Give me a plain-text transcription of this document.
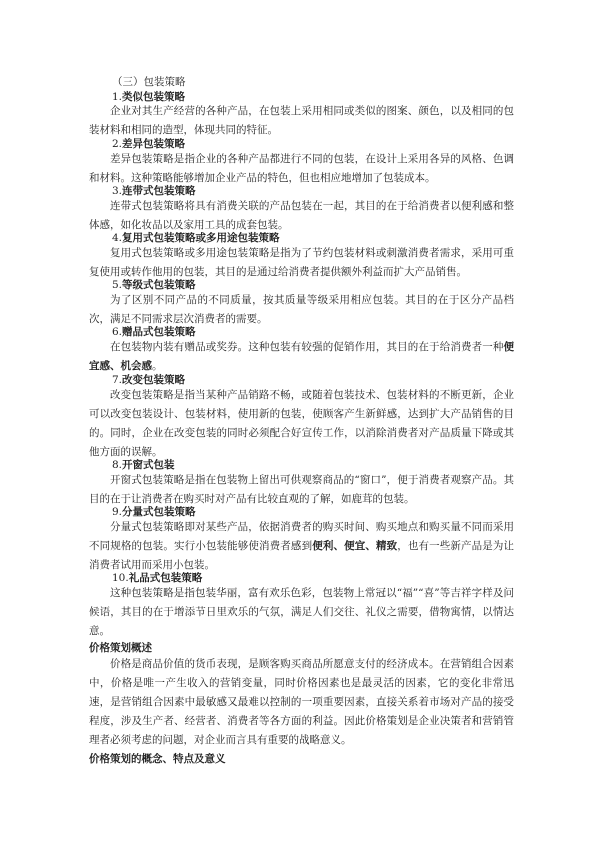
（三）包装策略
1.类似包装策略
企业对其生产经营的各种产品，在包装上采用相同或类似的图案、颜色，以及相同的包装材料和相同的造型，体现共同的特征。
2.差异包装策略
差异包装策略是指企业的各种产品都进行不同的包装，在设计上采用各异的风格、色调和材料。这种策略能够增加企业产品的特色，但也相应地增加了包装成本。
3.连带式包装策略
连带式包装策略将具有消费关联的产品包装在一起，其目的在于给消费者以便利感和整体感，如化妆品以及家用工具的成套包装。
4.复用式包装策略或多用途包装策略
复用式包装策略或多用途包装策略是指为了节约包装材料或刺激消费者需求，采用可重复使用或转作他用的包装，其目的是通过给消费者提供额外利益而扩大产品销售。
5.等级式包装策略
为了区别不同产品的不同质量，按其质量等级采用相应包装。其目的在于区分产品档次，满足不同需求层次消费者的需要。
6.赠品式包装策略
在包装物内装有赠品或奖券。这种包装有较强的促销作用，其目的在于给消费者一种便宜感、机会感。
7.改变包装策略
改变包装策略是指当某种产品销路不畅，或随着包装技术、包装材料的不断更新，企业可以改变包装设计、包装材料，使用新的包装，使顾客产生新鲜感，达到扩大产品销售的目的。同时，企业在改变包装的同时必须配合好宣传工作，以消除消费者对产品质量下降或其他方面的误解。
8.开窗式包装
开窗式包装策略是指在包装物上留出可供观察商品的“窗口”，便于消费者观察产品。其目的在于让消费者在购买时对产品有比较直观的了解，如鹿茸的包装。
9.分量式包装策略
分量式包装策略即对某些产品，依据消费者的购买时间、购买地点和购买量不同而采用不同规格的包装。实行小包装能够使消费者感到便利、便宜、精致，也有一些新产品是为让消费者试用而采用小包装。
10.礼品式包装策略
这种包装策略是指包装华丽，富有欢乐色彩，包装物上常冠以“福”“喜”等吉祥字样及问候语，其目的在于增添节日里欢乐的气氛，满足人们交往、礼仪之需要，借物寓情，以情达意。
价格策划概述
价格是商品价值的货币表现，是顾客购买商品所愿意支付的经济成本。在营销组合因素中，价格是唯一产生收入的营销变量，同时价格因素也是最灵活的因素，它的变化非常迅速，是营销组合因素中最敏感又最难以控制的一项重要因素，直接关系着市场对产品的接受程度，涉及生产者、经营者、消费者等各方面的利益。因此价格策划是企业决策者和营销管理者必须考虑的问题，对企业而言具有重要的战略意义。
价格策划的概念、特点及意义
